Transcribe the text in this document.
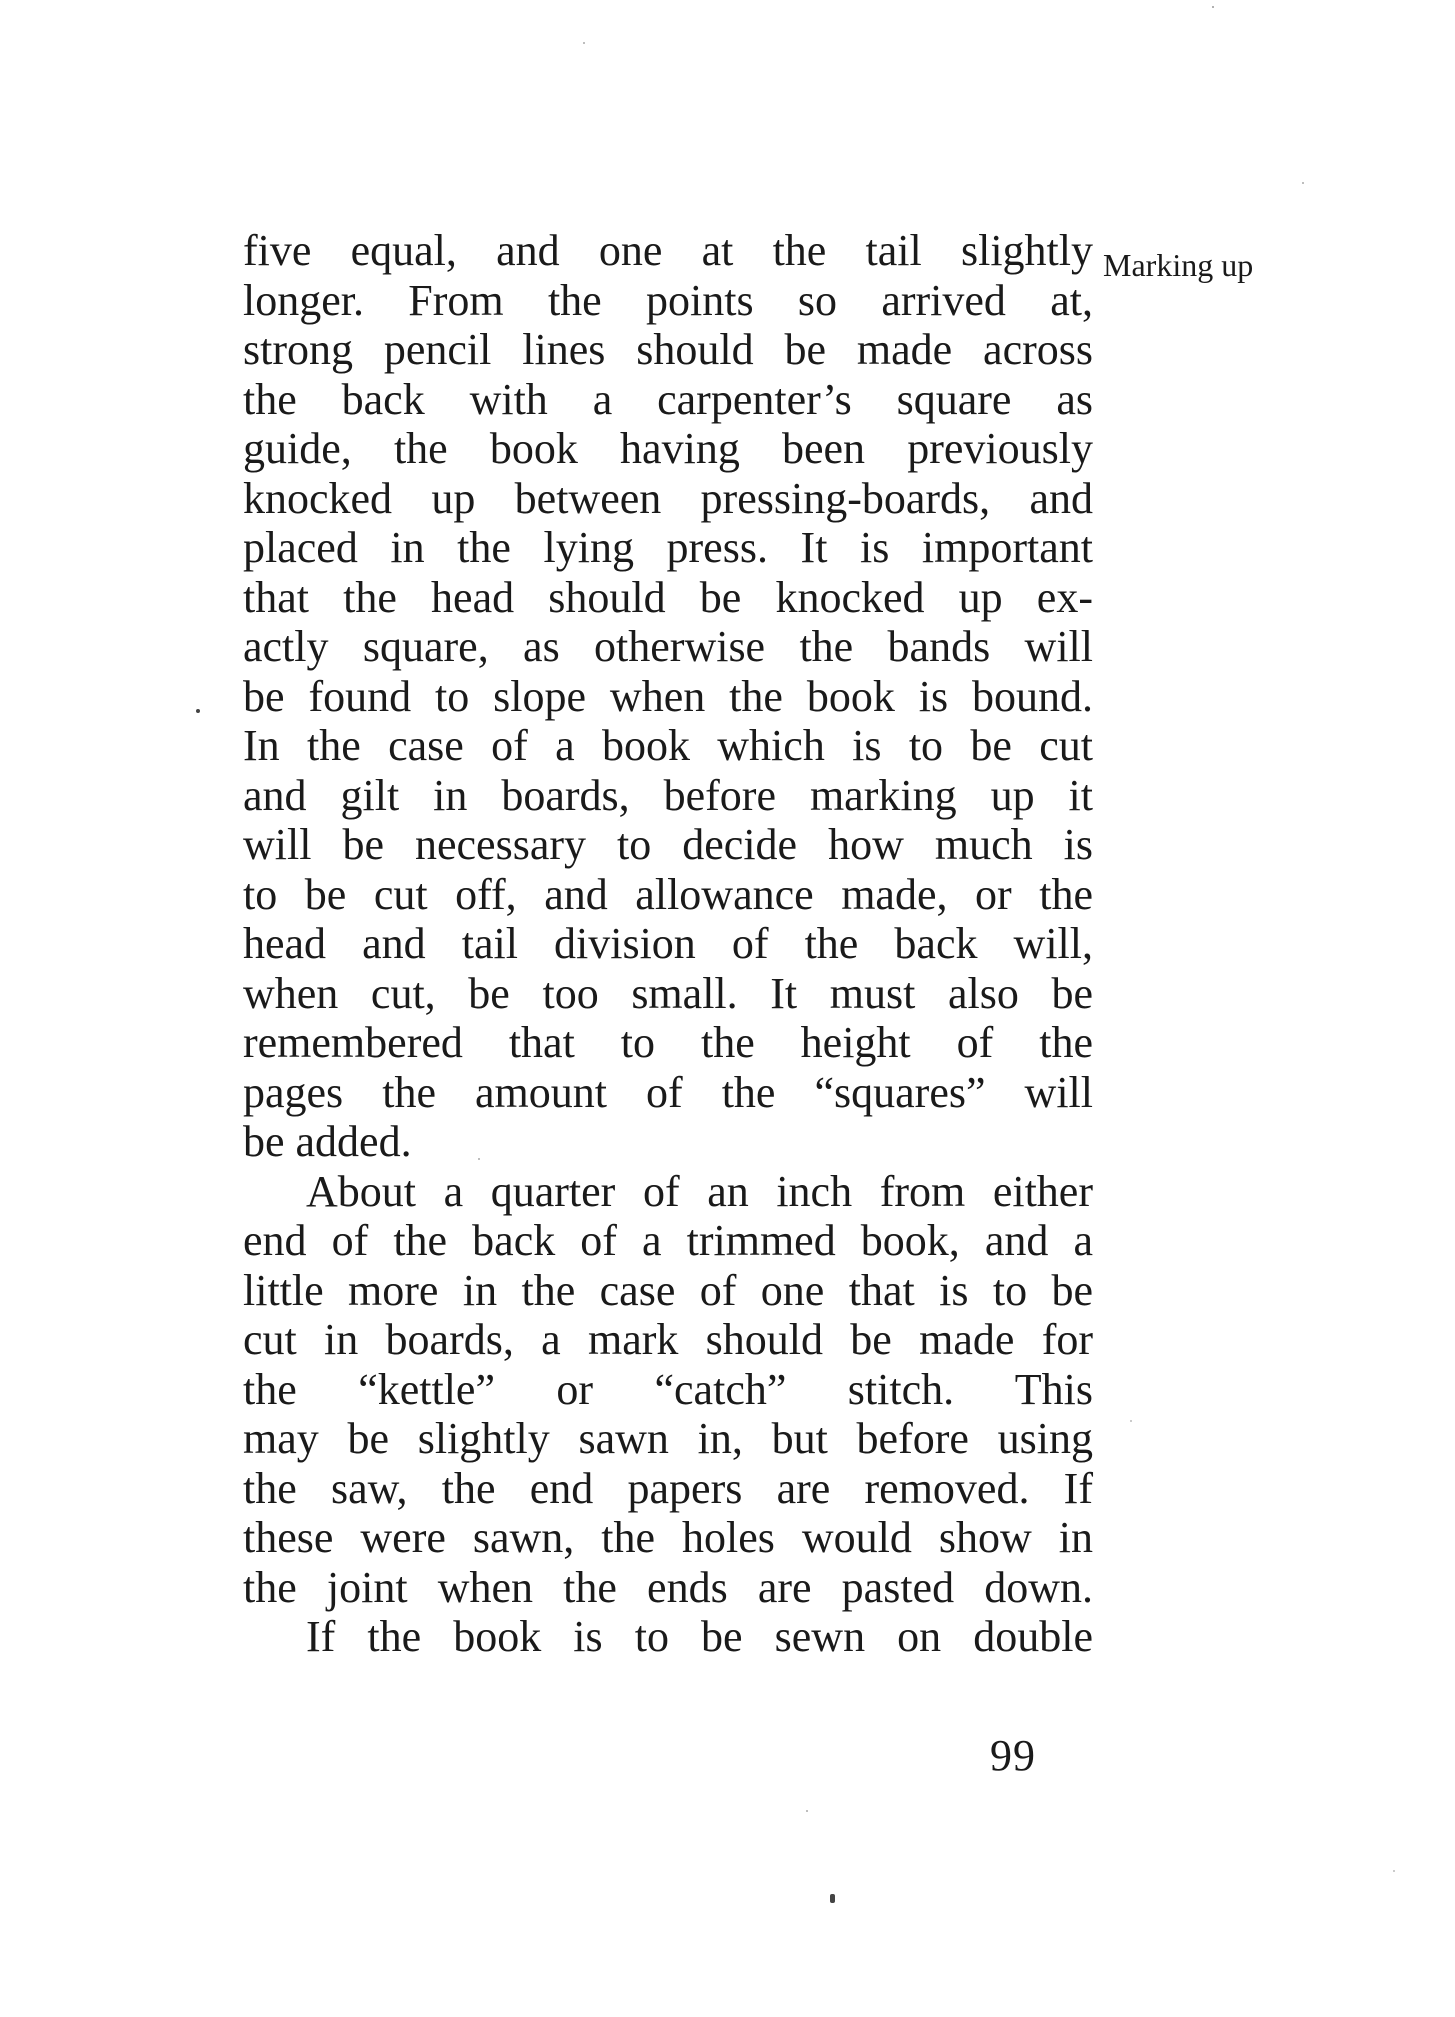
five equal, and one at the tail slightly
longer. From the points so arrived at,
strong pencil lines should be made across
the back with a carpenter’s square as
guide, the book having been previously
knocked up between pressing-boards, and
placed in the lying press. It is important
that the head should be knocked up ex-
actly square, as otherwise the bands will
be found to slope when the book is bound.
In the case of a book which is to be cut
and gilt in boards, before marking up it
will be necessary to decide how much is
to be cut off, and allowance made, or the
head and tail division of the back will,
when cut, be too small. It must also be
remembered that to the height of the
pages the amount of the “squares” will
be added.
About a quarter of an inch from either
end of the back of a trimmed book, and a
little more in the case of one that is to be
cut in boards, a mark should be made for
the “kettle” or “catch” stitch. This
may be slightly sawn in, but before using
the saw, the end papers are removed. If
these were sawn, the holes would show in
the joint when the ends are pasted down.
If the book is to be sewn on double
Marking up
99
